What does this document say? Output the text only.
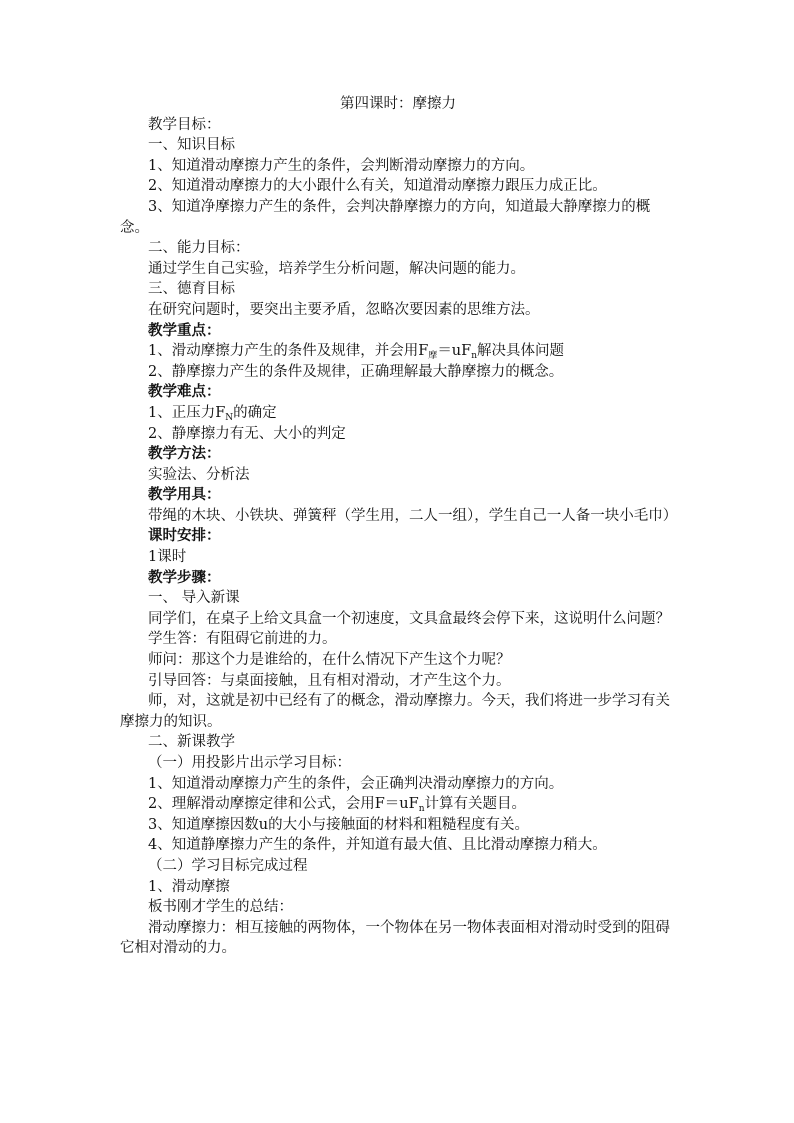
第四课时：摩擦力

教学目标：

一、知识目标

1、知道滑动摩擦力产生的条件，会判断滑动摩擦力的方向。

2、知道滑动摩擦力的大小跟什么有关，知道滑动摩擦力跟压力成正比。

3、知道净摩擦力产生的条件，会判决静摩擦力的方向，知道最大静摩擦力的概念。

二、能力目标：

通过学生自己实验，培养学生分析问题，解决问题的能力。

三、德育目标

在研究问题时，要突出主要矛盾，忽略次要因素的思维方法。

教学重点：

1、滑动摩擦力产生的条件及规律，并会用$F_摩=uF_n$解决具体问题

2、静摩擦力产生的条件及规律，正确理解最大静摩擦力的概念。

教学难点：

1、正压力$F_N$的确定

2、静摩擦力有无、大小的判定

教学方法：

实验法、分析法

教学用具：

带绳的木块、小铁块、弹簧秤（学生用，二人一组），学生自己一人备一块小毛巾）

课时安排：

1课时

教学步骤：

一、 导入新课

同学们，在桌子上给文具盒一个初速度，文具盒最终会停下来，这说明什么问题？

学生答：有阻碍它前进的力。

师问：那这个力是谁给的，在什么情况下产生这个力呢？

引导回答：与桌面接触，且有相对滑动，才产生这个力。

师，对，这就是初中已经有了的概念，滑动摩擦力。今天，我们将进一步学习有关摩擦力的知识。

二、新课教学

（一）用投影片出示学习目标：

1、知道滑动摩擦力产生的条件，会正确判决滑动摩擦力的方向。

2、理解滑动摩擦定律和公式，会用$F=uF_n$计算有关题目。

3、知道摩擦因数u的大小与接触面的材料和粗糙程度有关。

4、知道静摩擦力产生的条件，并知道有最大值、且比滑动摩擦力稍大。

（二）学习目标完成过程

1、滑动摩擦

板书刚才学生的总结：

滑动摩擦力：相互接触的两物体，一个物体在另一物体表面相对滑动时受到的阻碍它相对滑动的力。
